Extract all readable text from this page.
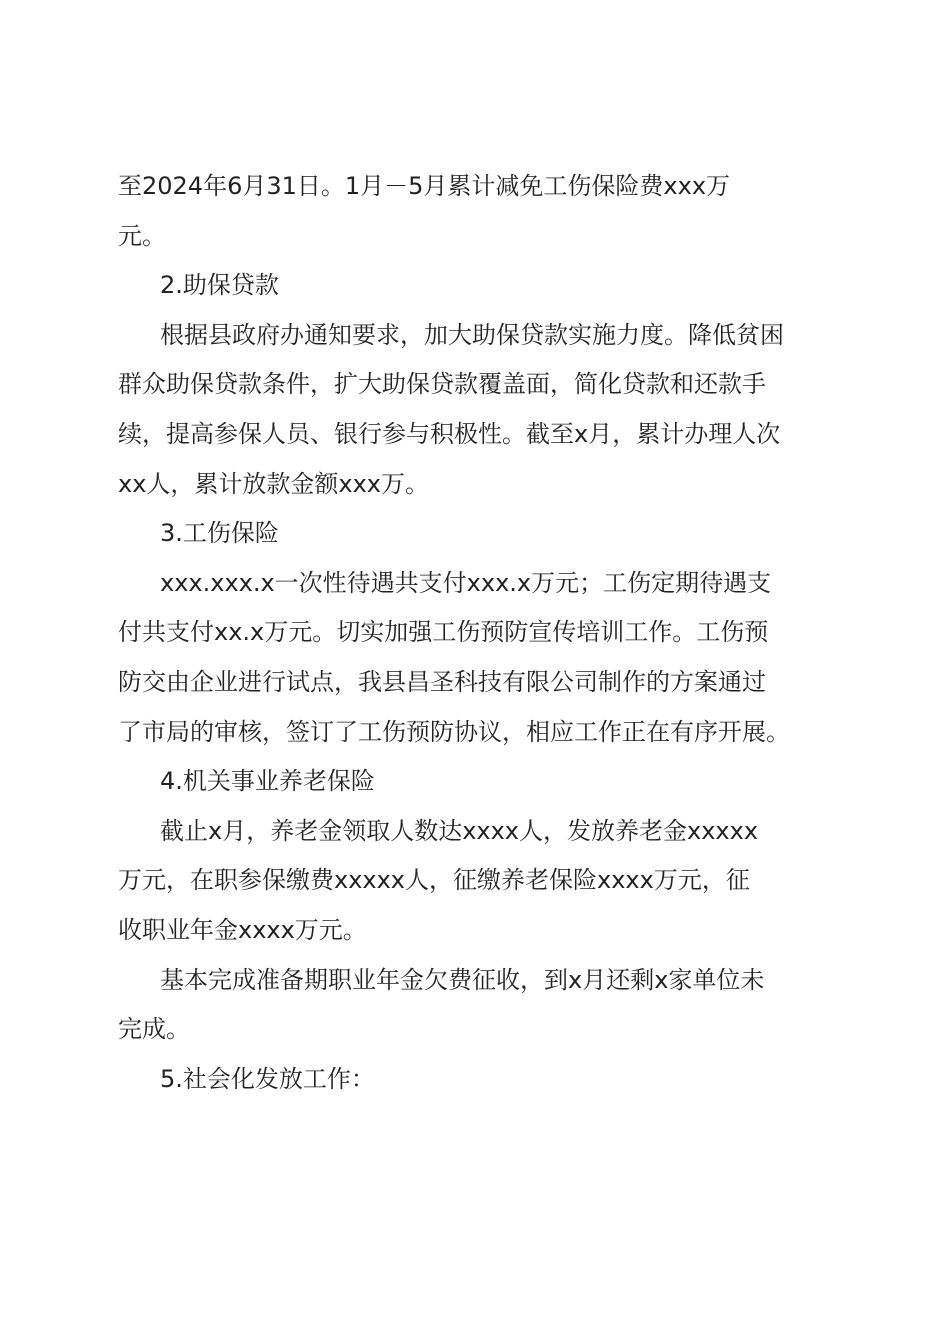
至2024年6月31日。1月－5月累计减免工伤保险费xxx万
元。
2.助保贷款
根据县政府办通知要求，加大助保贷款实施力度。降低贫困
群众助保贷款条件，扩大助保贷款覆盖面，简化贷款和还款手
续，提高参保人员、银行参与积极性。截至x月，累计办理人次
xx人，累计放款金额xxx万。
3.工伤保险
xxx.xxx.x一次性待遇共支付xxx.x万元；工伤定期待遇支
付共支付xx.x万元。切实加强工伤预防宣传培训工作。工伤预
防交由企业进行试点，我县昌圣科技有限公司制作的方案通过
了市局的审核，签订了工伤预防协议，相应工作正在有序开展。
4.机关事业养老保险
截止x月，养老金领取人数达xxxx人，发放养老金xxxxx
万元，在职参保缴费xxxxx人，征缴养老保险xxxx万元，征
收职业年金xxxx万元。
基本完成准备期职业年金欠费征收，到x月还剩x家单位未
完成。
5.社会化发放工作：
